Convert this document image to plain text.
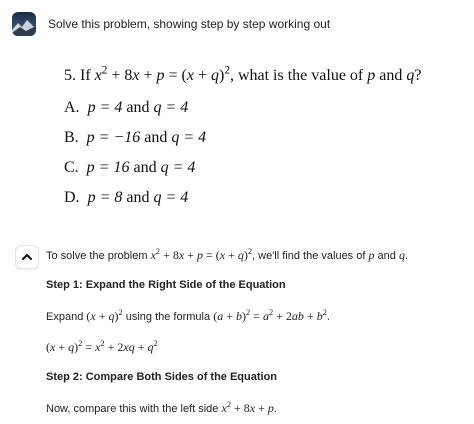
Solve this problem, showing step by step working out
5. If $x^2 + 8x + p = (x + q)^2$, what is the value of p and q?
A. p = 4 and q = 4
B. p = −16 and q = 4
C. p = 16 and q = 4
D. p = 8 and q = 4

To solve the problem $x^2 + 8x + p = (x + q)^2$, we'll find the values of p and q.

Step 1: Expand the Right Side of the Equation

Expand $(x + q)^2$ using the formula $(a + b)^2 = a^2 + 2ab + b^2$.

$(x + q)^2 = x^2 + 2xq + q^2$

Step 2: Compare Both Sides of the Equation

Now, compare this with the left side $x^2 + 8x + p$.
